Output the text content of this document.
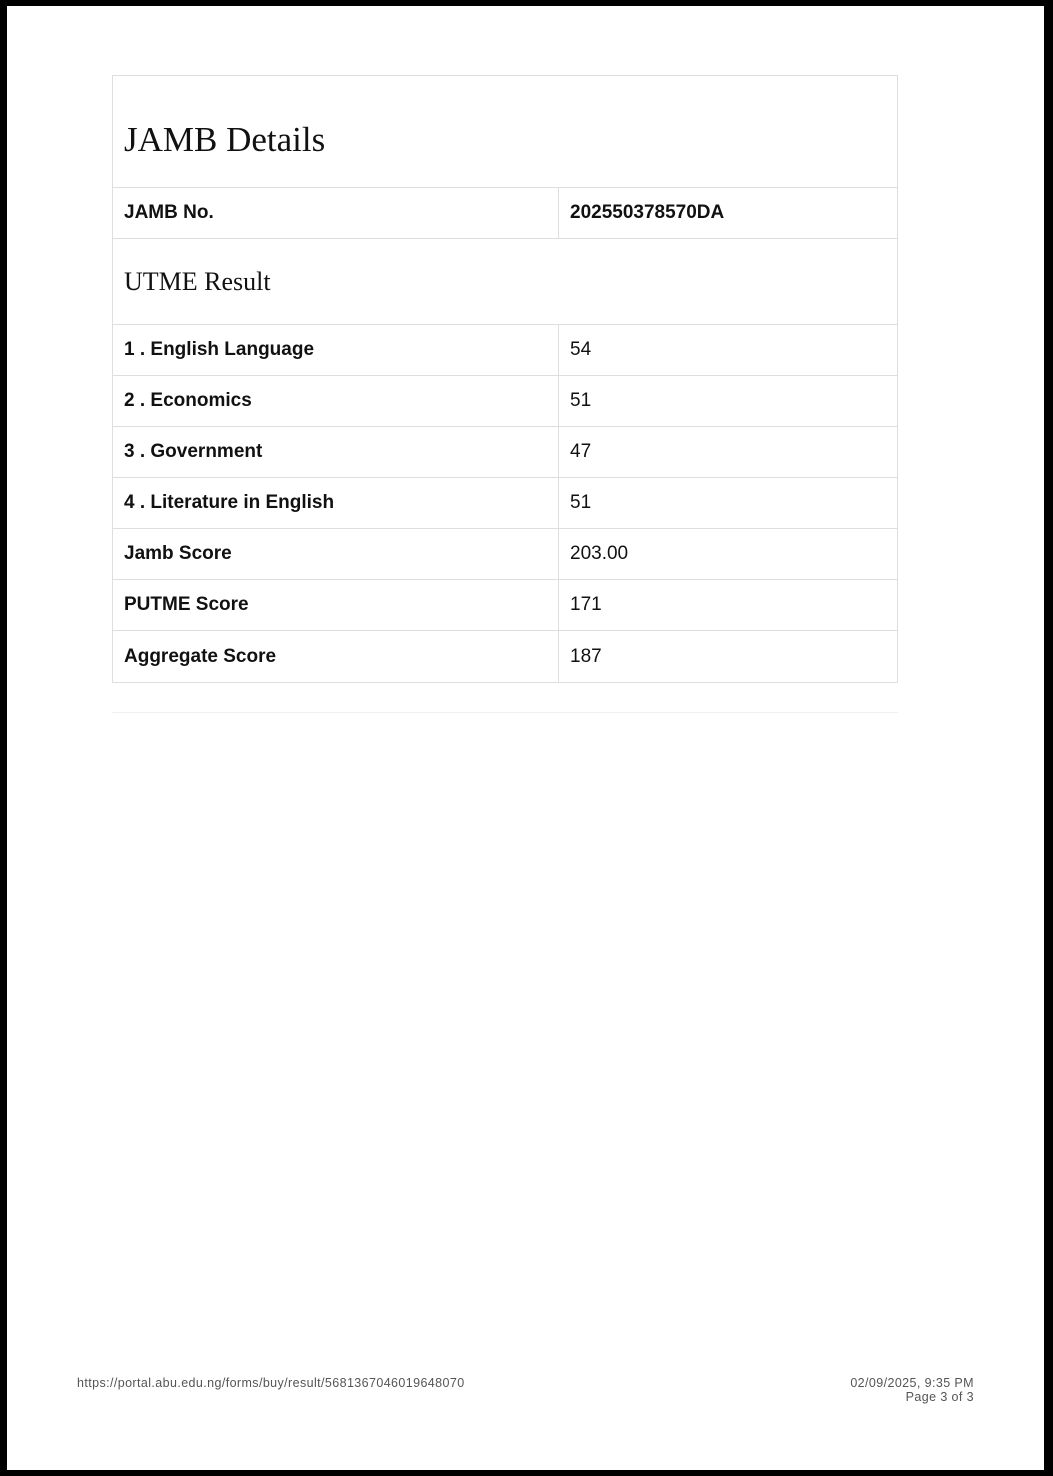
JAMB Details
JAMB No.	202550378570DA
UTME Result
1 . English Language	54
2 . Economics	51
3 . Government	47
4 . Literature in English	51
Jamb Score	203.00
PUTME Score	171
Aggregate Score	187
https://portal.abu.edu.ng/forms/buy/result/5681367046019648070	02/09/2025, 9:35 PM
Page 3 of 3
